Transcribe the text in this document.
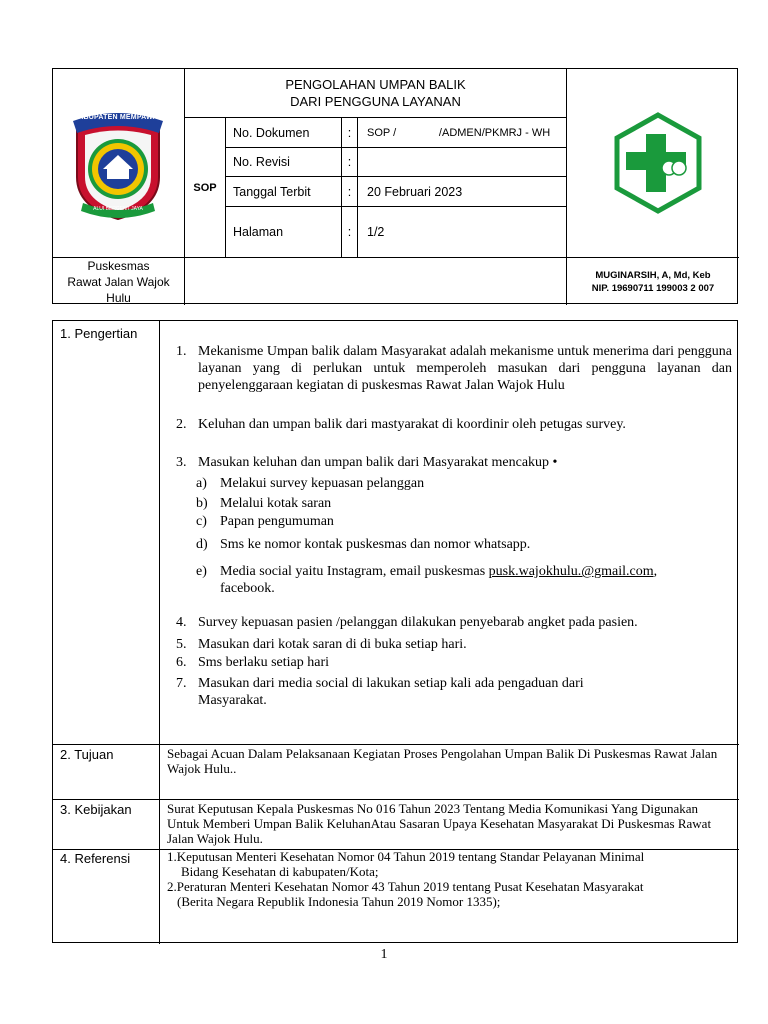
KABUPATEN MEMPAWAH
ALUI BERGENT JAYA
PENGOLAHAN UMPAN BALIK
DARI PENGGUNA LAYANAN
SOP
No. Dokumen	:	SOP /              /ADMEN/PKMRJ - WH
No. Revisi	:
Tanggal Terbit	:	20 Februari 2023
Halaman	:	1/2
Puskesmas
Rawat Jalan Wajok
Hulu
MUGINARSIH, A, Md, Keb
NIP. 19690711 199003 2 007
1. Pengertian
1. Mekanisme Umpan balik dalam Masyarakat adalah mekanisme untuk menerima dari pengguna layanan yang di perlukan untuk memperoleh masukan dari pengguna layanan dan penyelenggaraan kegiatan di puskesmas Rawat Jalan Wajok Hulu
2. Keluhan dan umpan balik dari mastyarakat di koordinir oleh petugas survey.
3. Masukan keluhan dan umpan balik dari Masyarakat mencakup •
a) Melakui survey kepuasan pelanggan
b) Melalui kotak saran
c) Papan pengumuman
d) Sms ke nomor kontak puskesmas dan nomor whatsapp.
e) Media social yaitu Instagram, email puskesmas pusk.wajokhulu.@gmail.com,
facebook.
4. Survey kepuasan pasien /pelanggan dilakukan penyebarab angket pada pasien.
5. Masukan dari kotak saran di di buka setiap hari.
6. Sms berlaku setiap hari
7. Masukan dari media social di lakukan setiap kali ada pengaduan dari Masyarakat.
2. Tujuan	Sebagai Acuan Dalam Pelaksanaan Kegiatan Proses Pengolahan Umpan Balik Di Puskesmas Rawat Jalan Wajok Hulu..
3. Kebijakan	Surat Keputusan Kepala Puskesmas No 016 Tahun 2023 Tentang Media Komunikasi Yang Digunakan Untuk Memberi Umpan Balik KeluhanAtau Sasaran Upaya Kesehatan Masyarakat Di Puskesmas Rawat Jalan Wajok Hulu.
4. Referensi	1.Keputusan Menteri Kesehatan Nomor 04 Tahun 2019 tentang Standar Pelayanan Minimal
Bidang Kesehatan di kabupaten/Kota;
2.Peraturan Menteri Kesehatan Nomor 43 Tahun 2019 tentang Pusat Kesehatan Masyarakat
(Berita Negara Republik Indonesia Tahun 2019 Nomor 1335);
1
